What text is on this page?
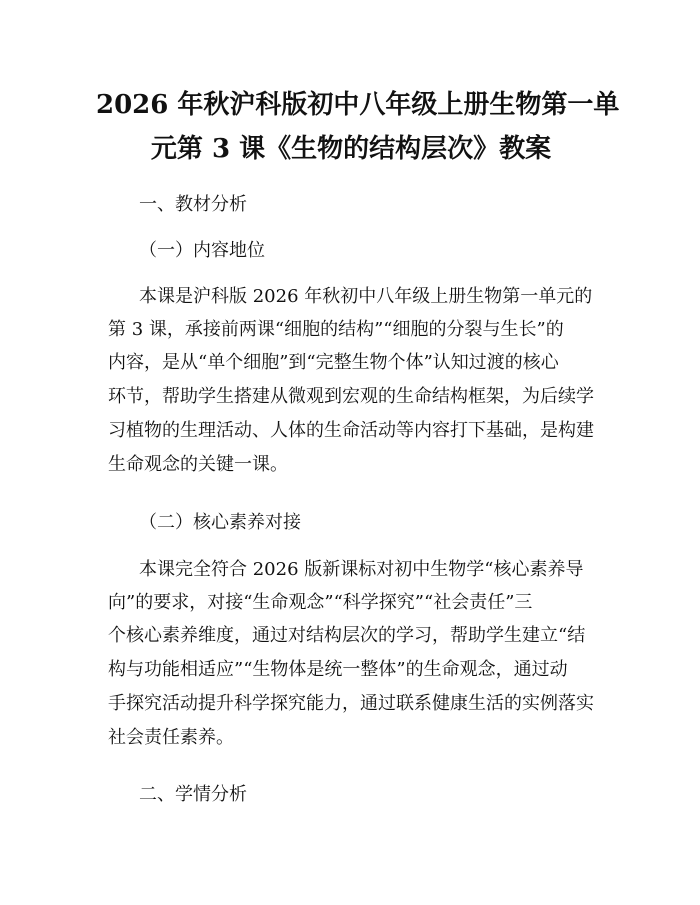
2026 年秋沪科版初中八年级上册生物第一单
元第 3 课《生物的结构层次》教案
一、教材分析
（一）内容地位
本课是沪科版 2026 年秋初中八年级上册生物第一单元的
第 3 课，承接前两课“细胞的结构”“细胞的分裂与生长”的
内容，是从“单个细胞”到“完整生物个体”认知过渡的核心
环节，帮助学生搭建从微观到宏观的生命结构框架，为后续学
习植物的生理活动、人体的生命活动等内容打下基础，是构建
生命观念的关键一课。
（二）核心素养对接
本课完全符合 2026 版新课标对初中生物学“核心素养导
向”的要求，对接“生命观念”“科学探究”“社会责任”三
个核心素养维度，通过对结构层次的学习，帮助学生建立“结
构与功能相适应”“生物体是统一整体”的生命观念，通过动
手探究活动提升科学探究能力，通过联系健康生活的实例落实
社会责任素养。
二、学情分析
